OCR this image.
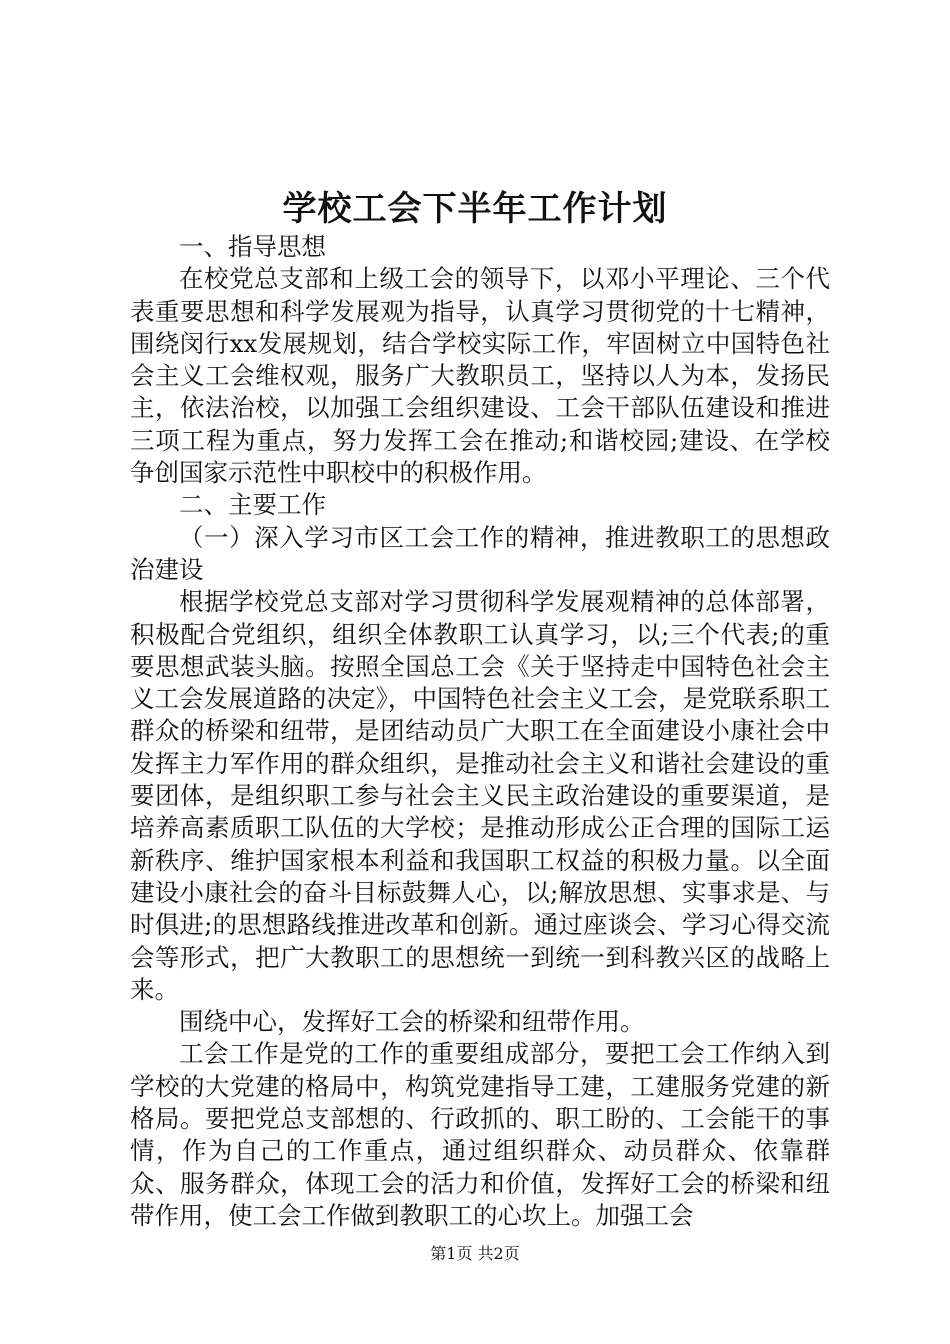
学校工会下半年工作计划

一、指导思想

在校党总支部和上级工会的领导下，以邓小平理论、三个代表重要思想和科学发展观为指导，认真学习贯彻党的十七精神，围绕闵行xx发展规划，结合学校实际工作，牢固树立中国特色社会主义工会维权观，服务广大教职员工，坚持以人为本，发扬民主，依法治校，以加强工会组织建设、工会干部队伍建设和推进三项工程为重点，努力发挥工会在推动;和谐校园;建设、在学校争创国家示范性中职校中的积极作用。

二、主要工作

（一）深入学习市区工会工作的精神，推进教职工的思想政治建设

根据学校党总支部对学习贯彻科学发展观精神的总体部署，积极配合党组织，组织全体教职工认真学习，以;三个代表;的重要思想武装头脑。按照全国总工会《关于坚持走中国特色社会主义工会发展道路的决定》，中国特色社会主义工会，是党联系职工群众的桥梁和纽带，是团结动员广大职工在全面建设小康社会中发挥主力军作用的群众组织，是推动社会主义和谐社会建设的重要团体，是组织职工参与社会主义民主政治建设的重要渠道，是培养高素质职工队伍的大学校；是推动形成公正合理的国际工运新秩序、维护国家根本利益和我国职工权益的积极力量。以全面建设小康社会的奋斗目标鼓舞人心，以;解放思想、实事求是、与时俱进;的思想路线推进改革和创新。通过座谈会、学习心得交流会等形式，把广大教职工的思想统一到统一到科教兴区的战略上来。

围绕中心，发挥好工会的桥梁和纽带作用。

工会工作是党的工作的重要组成部分，要把工会工作纳入到学校的大党建的格局中，构筑党建指导工建，工建服务党建的新格局。要把党总支部想的、行政抓的、职工盼的、工会能干的事情，作为自己的工作重点，通过组织群众、动员群众、依靠群众、服务群众，体现工会的活力和价值，发挥好工会的桥梁和纽带作用，使工会工作做到教职工的心坎上。加强工会

第1页 共2页
